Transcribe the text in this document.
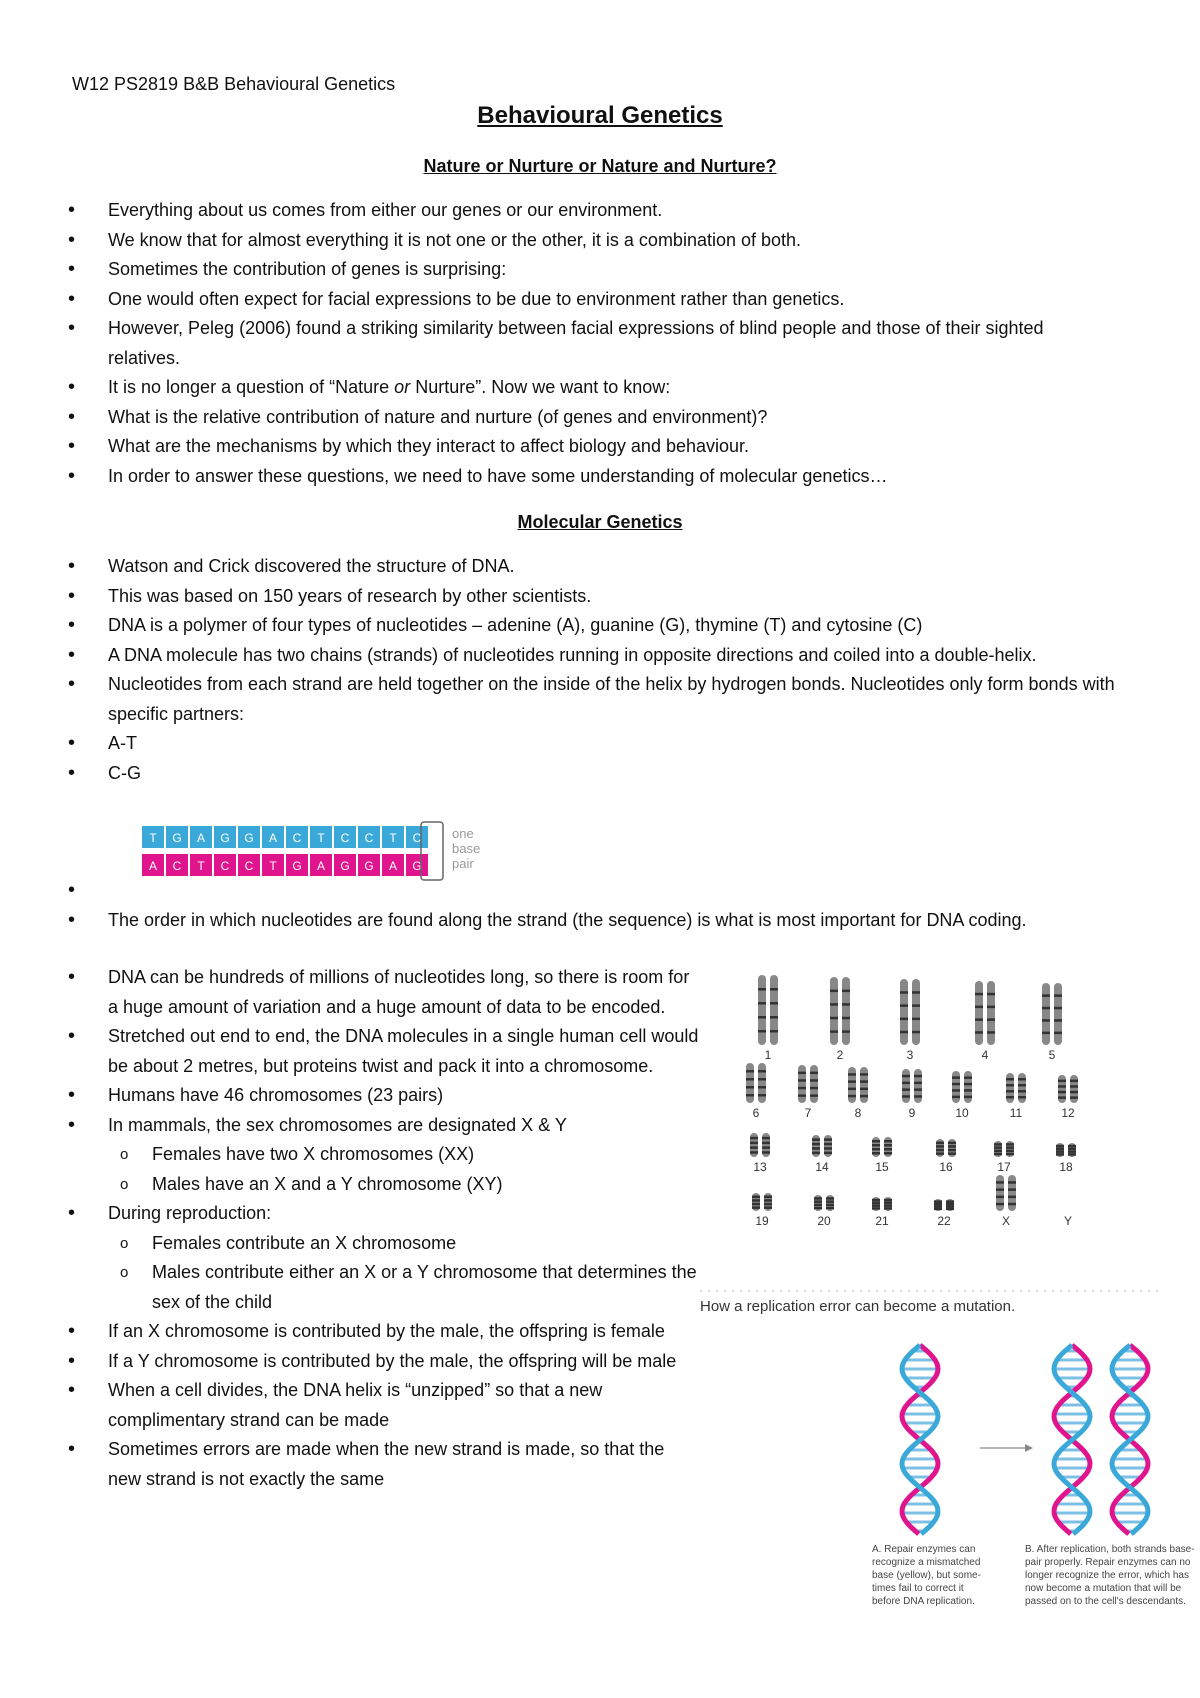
W12 PS2819 B&B Behavioural Genetics
Behavioural Genetics
Nature or Nurture or Nature and Nurture?
• Everything about us comes from either our genes or our environment.
• We know that for almost everything it is not one or the other, it is a combination of both.
• Sometimes the contribution of genes is surprising:
• One would often expect for facial expressions to be due to environment rather than genetics.
• However, Peleg (2006) found a striking similarity between facial expressions of blind people and those of their sighted relatives.
• It is no longer a question of “Nature or Nurture”. Now we want to know:
• What is the relative contribution of nature and nurture (of genes and environment)?
• What are the mechanisms by which they interact to affect biology and behaviour.
• In order to answer these questions, we need to have some understanding of molecular genetics…
Molecular Genetics
• Watson and Crick discovered the structure of DNA.
• This was based on 150 years of research by other scientists.
• DNA is a polymer of four types of nucleotides – adenine (A), guanine (G), thymine (T) and cytosine (C)
• A DNA molecule has two chains (strands) of nucleotides running in opposite directions and coiled into a double-helix.
• Nucleotides from each strand are held together on the inside of the helix by hydrogen bonds. Nucleotides only form bonds with specific partners:
• A-T
• C-G
T G A G G A C T C C T C
A C T C C T G A G G A G
one
base
pair
•
• The order in which nucleotides are found along the strand (the sequence) is what is most important for DNA coding.
• DNA can be hundreds of millions of nucleotides long, so there is room for a huge amount of variation and a huge amount of data to be encoded.
• Stretched out end to end, the DNA molecules in a single human cell would be about 2 metres, but proteins twist and pack it into a chromosome.
• Humans have 46 chromosomes (23 pairs)
• In mammals, the sex chromosomes are designated X & Y
o Females have two X chromosomes (XX)
o Males have an X and a Y chromosome (XY)
• During reproduction:
o Females contribute an X chromosome
o Males contribute either an X or a Y chromosome that determines the sex of the child
• If an X chromosome is contributed by the male, the offspring is female
• If a Y chromosome is contributed by the male, the offspring will be male
• When a cell divides, the DNA helix is “unzipped” so that a new complimentary strand can be made
• Sometimes errors are made when the new strand is made, so that the new strand is not exactly the same
1	2	3	4	5
6	7	8	9	10	11	12
13	14	15	16	17	18
19	20	21	22	X	Y
How a replication error can become a mutation.
A. Repair enzymes can
recognize a mismatched
base (yellow), but some-
times fail to correct it
before DNA replication.
B. After replication, both strands base-
pair properly. Repair enzymes can no
longer recognize the error, which has
now become a mutation that will be
passed on to the cell's descendants.
